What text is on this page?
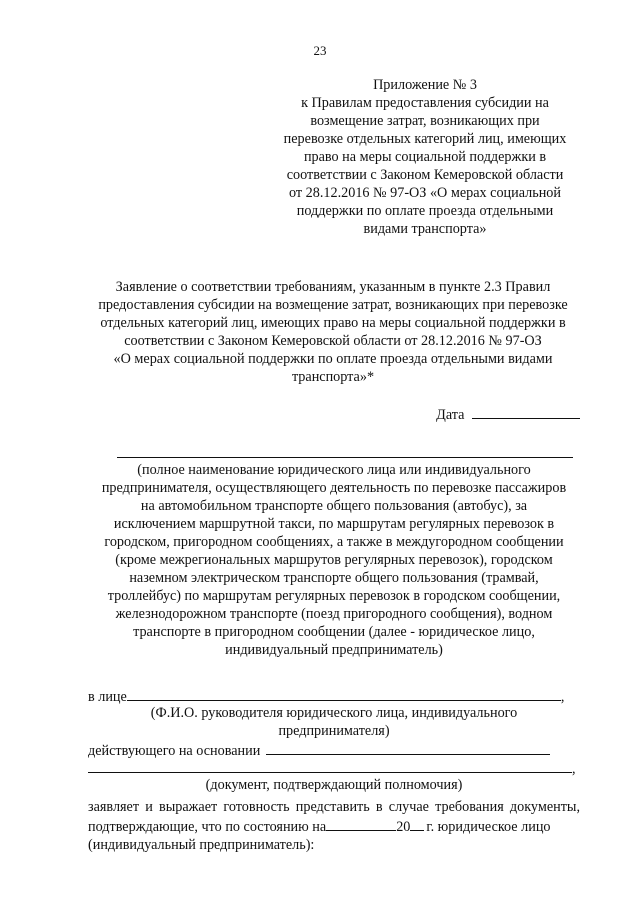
23
Приложение № 3
к Правилам предоставления субсидии на
возмещение затрат, возникающих при
перевозке отдельных категорий лиц, имеющих
право на меры социальной поддержки в
соответствии с Законом Кемеровской области
от 28.12.2016 № 97-ОЗ «О мерах социальной
поддержки по оплате проезда отдельными
видами транспорта»
Заявление о соответствии требованиям, указанным в пункте 2.3 Правил
предоставления субсидии на возмещение затрат, возникающих при перевозке
отдельных категорий лиц, имеющих право на меры социальной поддержки в
соответствии с Законом Кемеровской области от 28.12.2016 № 97-ОЗ
«О мерах социальной поддержки по оплате проезда отдельными видами
транспорта»*
Дата
(полное наименование юридического лица или индивидуального
предпринимателя, осуществляющего деятельность по перевозке пассажиров
на автомобильном транспорте общего пользования (автобус), за
исключением маршрутной такси, по маршрутам регулярных перевозок в
городском, пригородном сообщениях, а также в междугородном сообщении
(кроме межрегиональных маршрутов регулярных перевозок), городском
наземном электрическом транспорте общего пользования (трамвай,
троллейбус) по маршрутам регулярных перевозок в городском сообщении,
железнодорожном транспорте (поезд пригородного сообщения), водном
транспорте в пригородном сообщении (далее - юридическое лицо,
индивидуальный предприниматель)
в лице	,
(Ф.И.О. руководителя юридического лица, индивидуального
предпринимателя)
действующего на основании
,
(документ, подтверждающий полномочия)
заявляет и выражает готовность представить в случае требования документы,
подтверждающие, что по состоянию на	20 г. юридическое лицо
(индивидуальный предприниматель):
